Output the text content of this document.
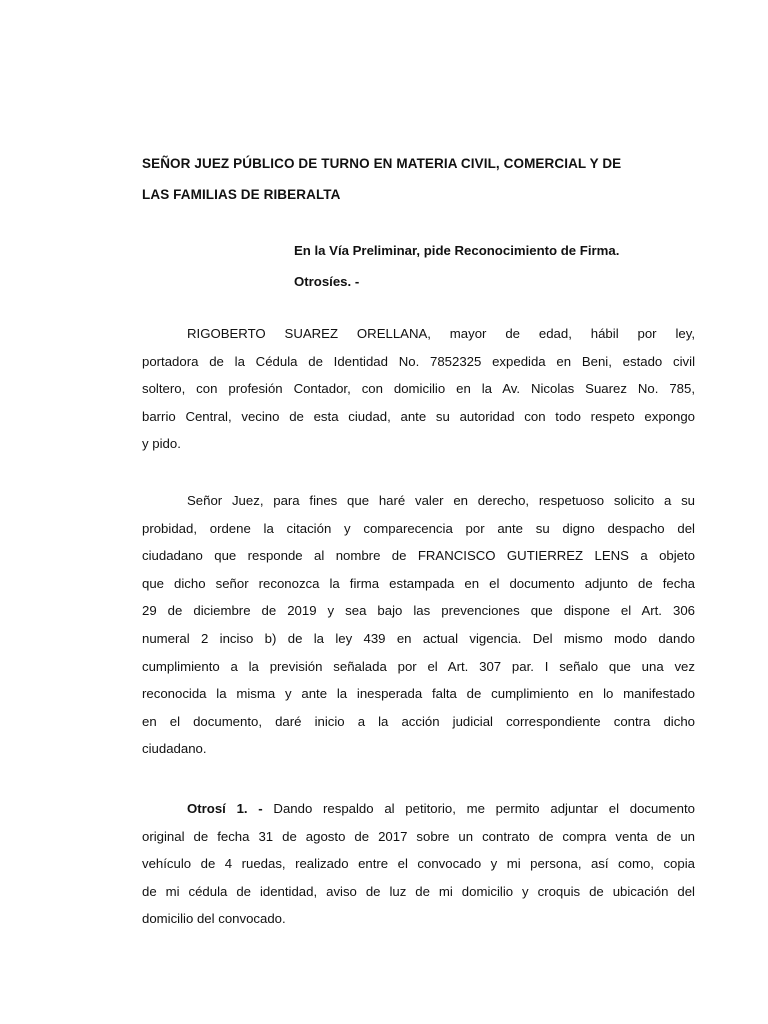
SEÑOR JUEZ PÚBLICO DE TURNO EN MATERIA CIVIL, COMERCIAL Y DE
LAS FAMILIAS DE RIBERALTA
En la Vía Preliminar, pide Reconocimiento de Firma.
Otrosíes. -
RIGOBERTO SUAREZ ORELLANA, mayor de edad, hábil por ley,
portadora de la Cédula de Identidad No. 7852325 expedida en Beni, estado civil
soltero, con profesión Contador, con domicilio en la Av. Nicolas Suarez No. 785,
barrio Central, vecino de esta ciudad, ante su autoridad con todo respeto expongo
y pido.
Señor Juez, para fines que haré valer en derecho, respetuoso solicito a su
probidad, ordene la citación y comparecencia por ante su digno despacho del
ciudadano que responde al nombre de FRANCISCO GUTIERREZ LENS a objeto
que dicho señor reconozca la firma estampada en el documento adjunto de fecha
29 de diciembre de 2019 y sea bajo las prevenciones que dispone el Art. 306
numeral 2 inciso b) de la ley 439 en actual vigencia. Del mismo modo dando
cumplimiento a la previsión señalada por el Art. 307 par. I señalo que una vez
reconocida la misma y ante la inesperada falta de cumplimiento en lo manifestado
en el documento, daré inicio a la acción judicial correspondiente contra dicho
ciudadano.
Otrosí 1. - Dando respaldo al petitorio, me permito adjuntar el documento
original de fecha 31 de agosto de 2017 sobre un contrato de compra venta de un
vehículo de 4 ruedas, realizado entre el convocado y mi persona, así como, copia
de mi cédula de identidad, aviso de luz de mi domicilio y croquis de ubicación del
domicilio del convocado.
